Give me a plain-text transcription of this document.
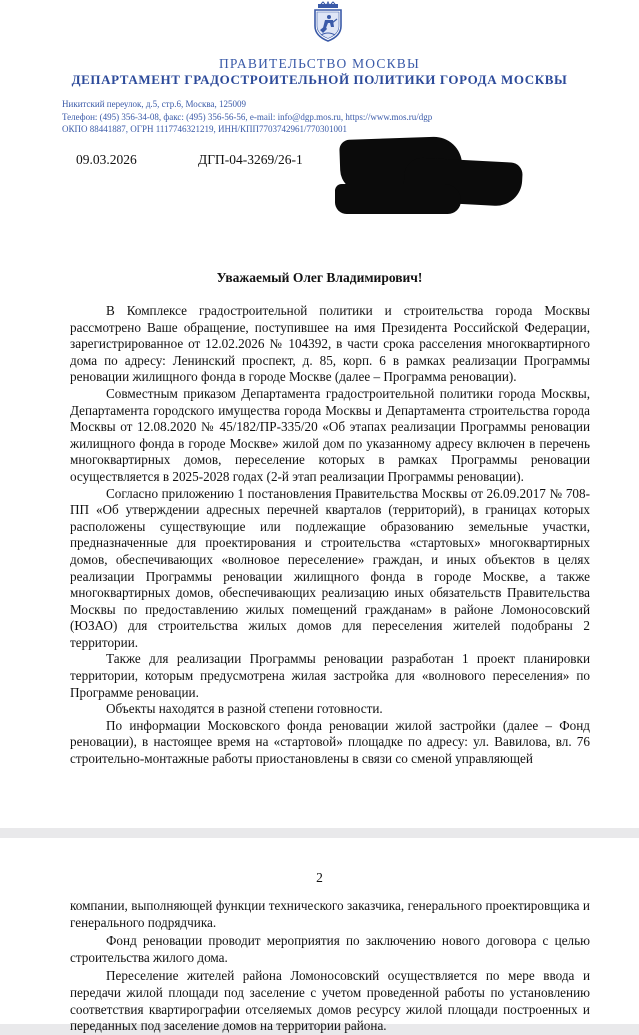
ПРАВИТЕЛЬСТВО МОСКВЫ
ДЕПАРТАМЕНТ ГРАДОСТРОИТЕЛЬНОЙ ПОЛИТИКИ ГОРОДА МОСКВЫ
Никитский переулок, д.5, стр.6, Москва, 125009
Телефон: (495) 356-34-08, факс: (495) 356-56-56, e-mail: info@dgp.mos.ru, https://www.mos.ru/dgp
ОКПО 88441887, ОГРН 1117746321219, ИНН/КПП7703742961/770301001
09.03.2026	ДГП-04-3269/26-1
Уважаемый Олег Владимирович!

В Комплексе градостроительной политики и строительства города Москвы рассмотрено Ваше обращение, поступившее на имя Президента Российской Федерации, зарегистрированное от 12.02.2026 № 104392, в части срока расселения многоквартирного дома по адресу: Ленинский проспект, д. 85, корп. 6 в рамках реализации Программы реновации жилищного фонда в городе Москве (далее – Программа реновации).

Совместным приказом Департамента градостроительной политики города Москвы, Департамента городского имущества города Москвы и Департамента строительства города Москвы от 12.08.2020 № 45/182/ПР-335/20 «Об этапах реализации Программы реновации жилищного фонда в городе Москве» жилой дом по указанному адресу включен в перечень многоквартирных домов, переселение которых в рамках Программы реновации осуществляется в 2025-2028 годах (2-й этап реализации Программы реновации).

Согласно приложению 1 постановления Правительства Москвы от 26.09.2017 № 708- ПП «Об утверждении адресных перечней кварталов (территорий), в границах которых расположены существующие или подлежащие образованию земельные участки, предназначенные для проектирования и строительства «стартовых» многоквартирных домов, обеспечивающих «волновое переселение» граждан, и иных объектов в целях реализации Программы реновации жилищного фонда в городе Москве, а также многоквартирных домов, обеспечивающих реализацию иных обязательств Правительства Москвы по предоставлению жилых помещений гражданам» в районе Ломоносовский (ЮЗАО) для строительства жилых домов для переселения жителей подобраны 2 территории.

Также для реализации Программы реновации разработан 1 проект планировки территории, которым предусмотрена жилая застройка для «волнового переселения» по Программе реновации.

Объекты находятся в разной степени готовности.

По информации Московского фонда реновации жилой застройки (далее – Фонд реновации), в настоящее время на «стартовой» площадке по адресу: ул. Вавилова, вл. 76 строительно-монтажные работы приостановлены в связи со сменой управляющей

2

компании, выполняющей функции технического заказчика, генерального проектировщика и генерального подрядчика.

Фонд реновации проводит мероприятия по заключению нового договора с целью строительства жилого дома.

Переселение жителей района Ломоносовский осуществляется по мере ввода и передачи жилой площади под заселение с учетом проведенной работы по установлению соответствия квартирографии отселяемых домов ресурсу жилой площади построенных и переданных под заселение домов на территории района.
